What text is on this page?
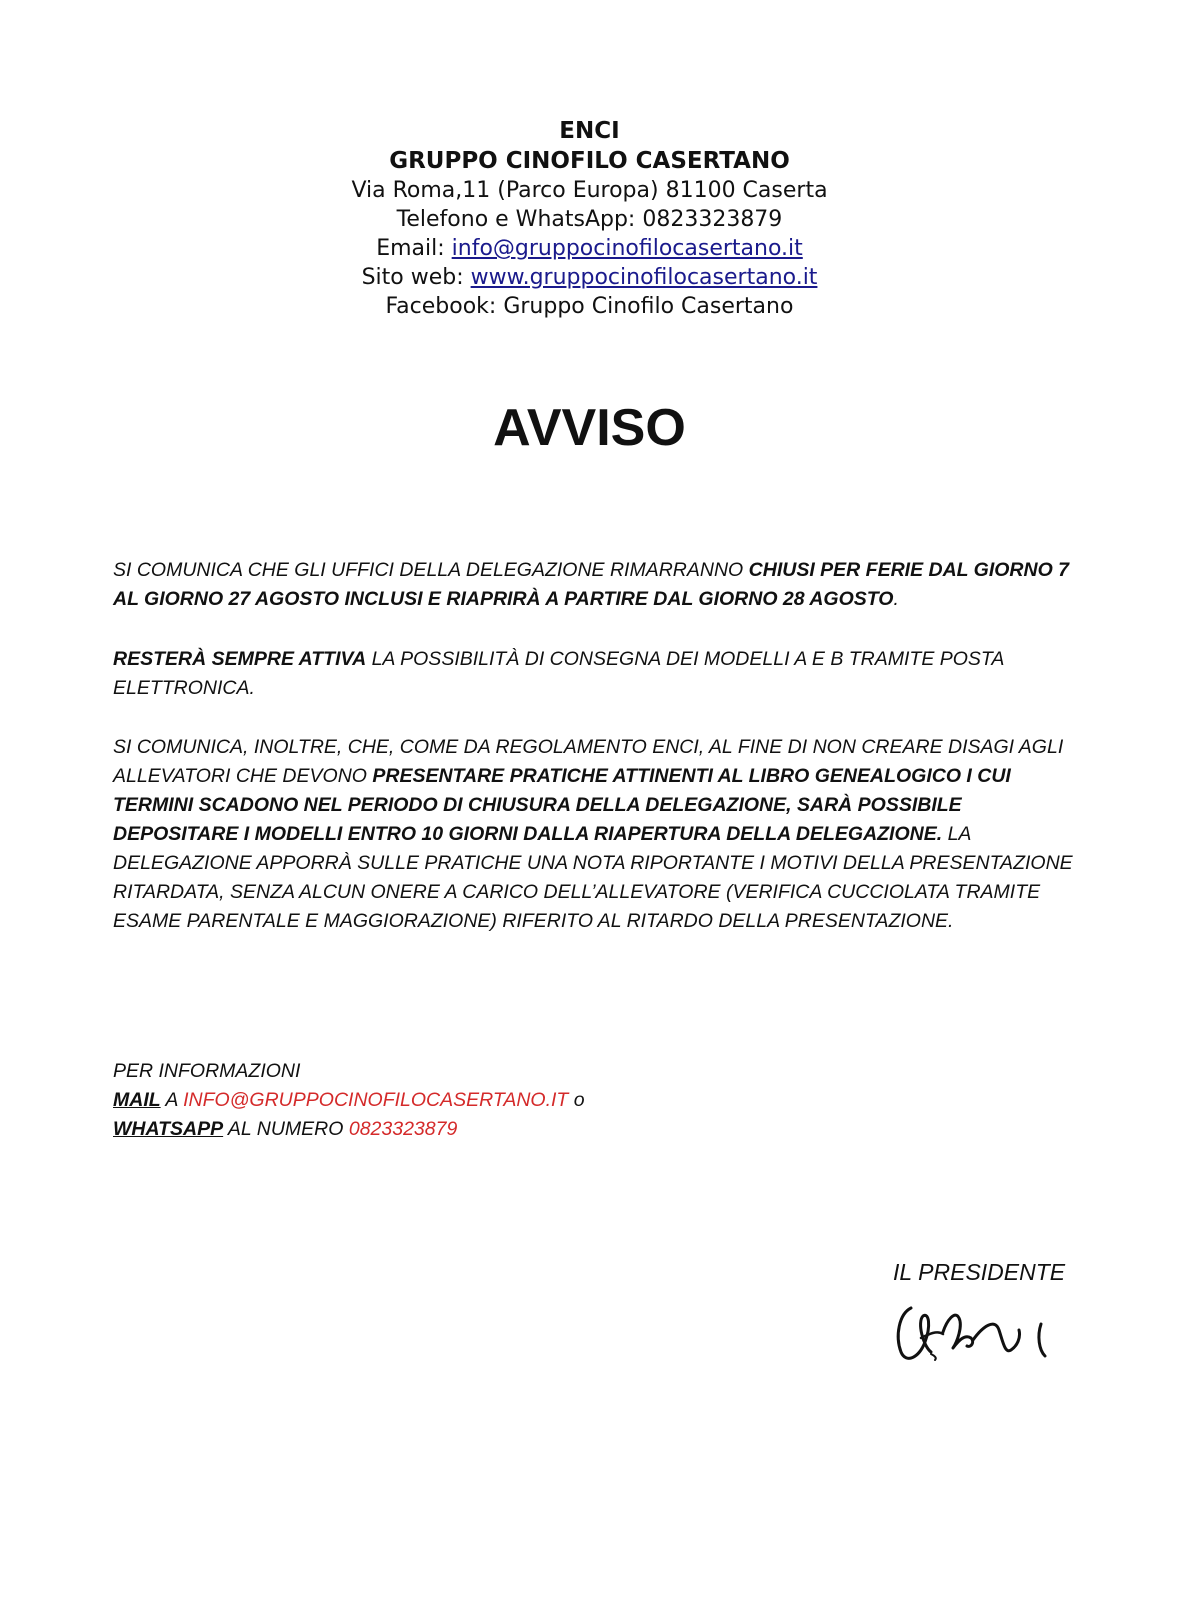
ENCI
GRUPPO CINOFILO CASERTANO
Via Roma,11 (Parco Europa) 81100 Caserta
Telefono e WhatsApp: 0823323879
Email: info@gruppocinofilocasertano.it
Sito web: www.gruppocinofilocasertano.it
Facebook: Gruppo Cinofilo Casertano
AVVISO

SI COMUNICA CHE GLI UFFICI DELLA DELEGAZIONE RIMARRANNO CHIUSI PER FERIE DAL GIORNO 7 AL GIORNO 27 AGOSTO INCLUSI E RIAPRIRÀ A PARTIRE DAL GIORNO 28 AGOSTO.

RESTERÀ SEMPRE ATTIVA LA POSSIBILITÀ DI CONSEGNA DEI MODELLI A E B TRAMITE POSTA ELETTRONICA.

SI COMUNICA, INOLTRE, CHE, COME DA REGOLAMENTO ENCI, AL FINE DI NON CREARE DISAGI AGLI ALLEVATORI CHE DEVONO PRESENTARE PRATICHE ATTINENTI AL LIBRO GENEALOGICO I CUI TERMINI SCADONO NEL PERIODO DI CHIUSURA DELLA DELEGAZIONE, SARÀ POSSIBILE DEPOSITARE I MODELLI ENTRO 10 GIORNI DALLA RIAPERTURA DELLA DELEGAZIONE. LA DELEGAZIONE APPORRÀ SULLE PRATICHE UNA NOTA RIPORTANTE I MOTIVI DELLA PRESENTAZIONE RITARDATA, SENZA ALCUN ONERE A CARICO DELL’ALLEVATORE (VERIFICA CUCCIOLATA TRAMITE ESAME PARENTALE E MAGGIORAZIONE) RIFERITO AL RITARDO DELLA PRESENTAZIONE.

PER INFORMAZIONI

MAIL A INFO@GRUPPOCINOFILOCASERTANO.IT o

WHATSAPP AL NUMERO 0823323879

IL PRESIDENTE
